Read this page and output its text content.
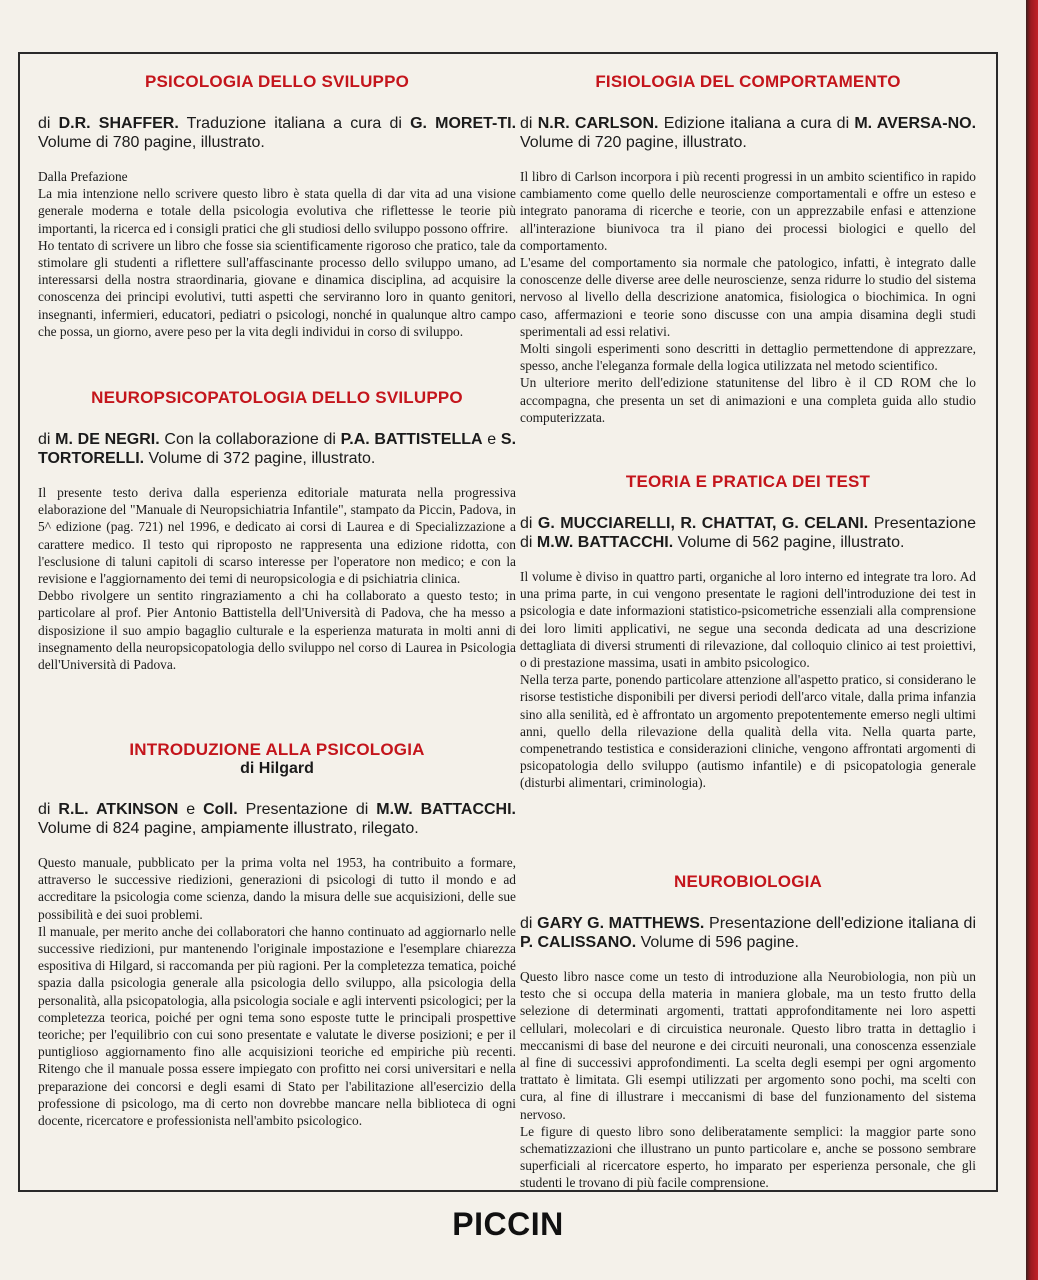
PSICOLOGIA DELLO SVILUPPO

di D.R. SHAFFER. Traduzione italiana a cura di G. MORET-TI. Volume di 780 pagine, illustrato.

Dalla Prefazione

La mia intenzione nello scrivere questo libro è stata quella di dar vita ad una visione generale moderna e totale della psicologia evolutiva che riflettesse le teorie più importanti, la ricerca ed i consigli pratici che gli studiosi dello sviluppo possono offrire.

Ho tentato di scrivere un libro che fosse sia scientificamente rigoroso che pratico, tale da stimolare gli studenti a riflettere sull'affascinante processo dello sviluppo umano, ad interessarsi della nostra straordinaria, giovane e dinamica disciplina, ad acquisire la conoscenza dei principi evolutivi, tutti aspetti che serviranno loro in quanto genitori, insegnanti, infermieri, educatori, pediatri o psicologi, nonché in qualunque altro campo che possa, un giorno, avere peso per la vita degli individui in corso di sviluppo.

NEUROPSICOPATOLOGIA DELLO SVILUPPO

di M. DE NEGRI. Con la collaborazione di P.A. BATTISTELLA e S. TORTORELLI. Volume di 372 pagine, illustrato.

Il presente testo deriva dalla esperienza editoriale maturata nella progressiva elaborazione del "Manuale di Neuropsichiatria Infantile", stampato da Piccin, Padova, in 5^ edizione (pag. 721) nel 1996, e dedicato ai corsi di Laurea e di Specializzazione a carattere medico. Il testo qui riproposto ne rappresenta una edizione ridotta, con l'esclusione di taluni capitoli di scarso interesse per l'operatore non medico; e con la revisione e l'aggiornamento dei temi di neuropsicologia e di psichiatria clinica.

Debbo rivolgere un sentito ringraziamento a chi ha collaborato a questo testo; in particolare al prof. Pier Antonio Battistella dell'Università di Padova, che ha messo a disposizione il suo ampio bagaglio culturale e la esperienza maturata in molti anni di insegnamento della neuropsicopatologia dello sviluppo nel corso di Laurea in Psicologia dell'Università di Padova.

INTRODUZIONE ALLA PSICOLOGIA
di Hilgard

di R.L. ATKINSON e Coll. Presentazione di M.W. BATTACCHI. Volume di 824 pagine, ampiamente illustrato, rilegato.

Questo manuale, pubblicato per la prima volta nel 1953, ha contribuito a formare, attraverso le successive riedizioni, generazioni di psicologi di tutto il mondo e ad accreditare la psicologia come scienza, dando la misura delle sue acquisizioni, delle sue possibilità e dei suoi problemi.

Il manuale, per merito anche dei collaboratori che hanno continuato ad aggiornarlo nelle successive riedizioni, pur mantenendo l'originale impostazione e l'esemplare chiarezza espositiva di Hilgard, si raccomanda per più ragioni. Per la completezza tematica, poiché spazia dalla psicologia generale alla psicologia dello sviluppo, alla psicologia della personalità, alla psicopatologia, alla psicologia sociale e agli interventi psicologici; per la completezza teorica, poiché per ogni tema sono esposte tutte le principali prospettive teoriche; per l'equilibrio con cui sono presentate e valutate le diverse posizioni; e per il puntiglioso aggiornamento fino alle acquisizioni teoriche ed empiriche più recenti. Ritengo che il manuale possa essere impiegato con profitto nei corsi universitari e nella preparazione dei concorsi e degli esami di Stato per l'abilitazione all'esercizio della professione di psicologo, ma di certo non dovrebbe mancare nella biblioteca di ogni docente, ricercatore e professionista nell'ambito psicologico.

FISIOLOGIA DEL COMPORTAMENTO

di N.R. CARLSON. Edizione italiana a cura di M. AVERSA-NO. Volume di 720 pagine, illustrato.

Il libro di Carlson incorpora i più recenti progressi in un ambito scientifico in rapido cambiamento come quello delle neuroscienze comportamentali e offre un esteso e integrato panorama di ricerche e teorie, con un apprezzabile enfasi e attenzione all'interazione biunivoca tra il piano dei processi biologici e quello del comportamento.

L'esame del comportamento sia normale che patologico, infatti, è integrato dalle conoscenze delle diverse aree delle neuroscienze, senza ridurre lo studio del sistema nervoso al livello della descrizione anatomica, fisiologica o biochimica. In ogni caso, affermazioni e teorie sono discusse con una ampia disamina degli studi sperimentali ad essi relativi.

Molti singoli esperimenti sono descritti in dettaglio permettendone di apprezzare, spesso, anche l'eleganza formale della logica utilizzata nel metodo scientifico.

Un ulteriore merito dell'edizione statunitense del libro è il CD ROM che lo accompagna, che presenta un set di animazioni e una completa guida allo studio computerizzata.

TEORIA E PRATICA DEI TEST

di G. MUCCIARELLI, R. CHATTAT, G. CELANI. Presentazione di M.W. BATTACCHI. Volume di 562 pagine, illustrato.

Il volume è diviso in quattro parti, organiche al loro interno ed integrate tra loro. Ad una prima parte, in cui vengono presentate le ragioni dell'introduzione dei test in psicologia e date informazioni statistico-psicometriche essenziali alla comprensione dei loro limiti applicativi, ne segue una seconda dedicata ad una descrizione dettagliata di diversi strumenti di rilevazione, dal colloquio clinico ai test proiettivi, o di prestazione massima, usati in ambito psicologico.

Nella terza parte, ponendo particolare attenzione all'aspetto pratico, si considerano le risorse testistiche disponibili per diversi periodi dell'arco vitale, dalla prima infanzia sino alla senilità, ed è affrontato un argomento prepotentemente emerso negli ultimi anni, quello della rilevazione della qualità della vita. Nella quarta parte, compenetrando testistica e considerazioni cliniche, vengono affrontati argomenti di psicopatologia dello sviluppo (autismo infantile) e di psicopatologia generale (disturbi alimentari, criminologia).

NEUROBIOLOGIA

di GARY G. MATTHEWS. Presentazione dell'edizione italiana di P. CALISSANO. Volume di 596 pagine.

Questo libro nasce come un testo di introduzione alla Neurobiologia, non più un testo che si occupa della materia in maniera globale, ma un testo frutto della selezione di determinati argomenti, trattati approfonditamente nei loro aspetti cellulari, molecolari e di circuistica neuronale. Questo libro tratta in dettaglio i meccanismi di base del neurone e dei circuiti neuronali, una conoscenza essenziale al fine di successivi approfondimenti. La scelta degli esempi per ogni argomento trattato è limitata. Gli esempi utilizzati per argomento sono pochi, ma scelti con cura, al fine di illustrare i meccanismi di base del funzionamento del sistema nervoso.

Le figure di questo libro sono deliberatamente semplici: la maggior parte sono schematizzazioni che illustrano un punto particolare e, anche se possono sembrare superficiali al ricercatore esperto, ho imparato per esperienza personale, che gli studenti le trovano di più facile comprensione.

PICCIN
